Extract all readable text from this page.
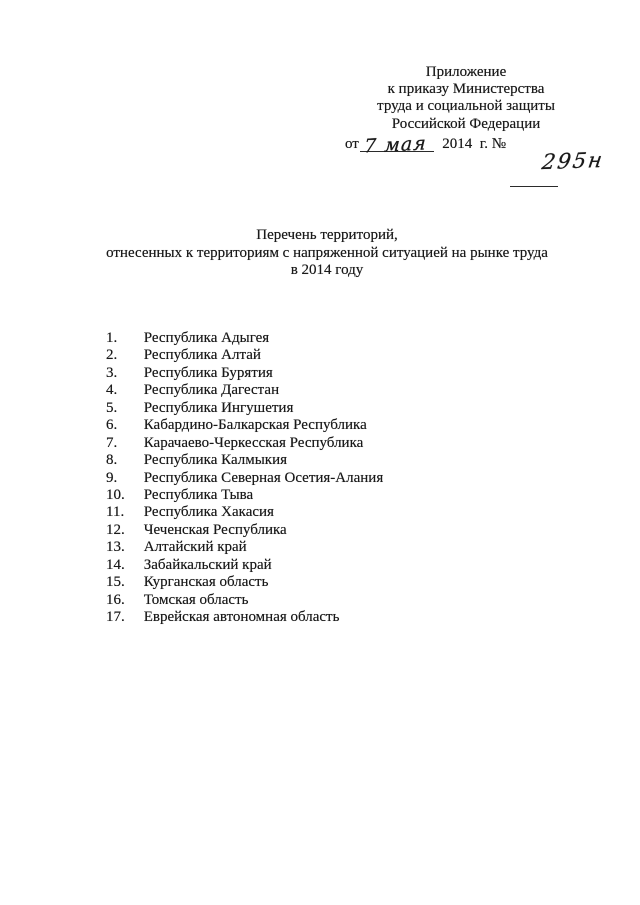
Приложение
к приказу Министерства
труда и социальной защиты
Российской Федерации
от

7 мая

2014  г. №

295н

Перечень территорий,
отнесенных к территориям с напряженной ситуацией на рынке труда
в 2014 году
1. Республика Адыгея
2. Республика Алтай
3. Республика Бурятия
4. Республика Дагестан
5. Республика Ингушетия
6. Кабардино-Балкарская Республика
7. Карачаево-Черкесская Республика
8. Республика Калмыкия
9. Республика Северная Осетия-Алания
10. Республика Тыва
11. Республика Хакасия
12. Чеченская Республика
13. Алтайский край
14. Забайкальский край
15. Курганская область
16. Томская область
17. Еврейская автономная область
